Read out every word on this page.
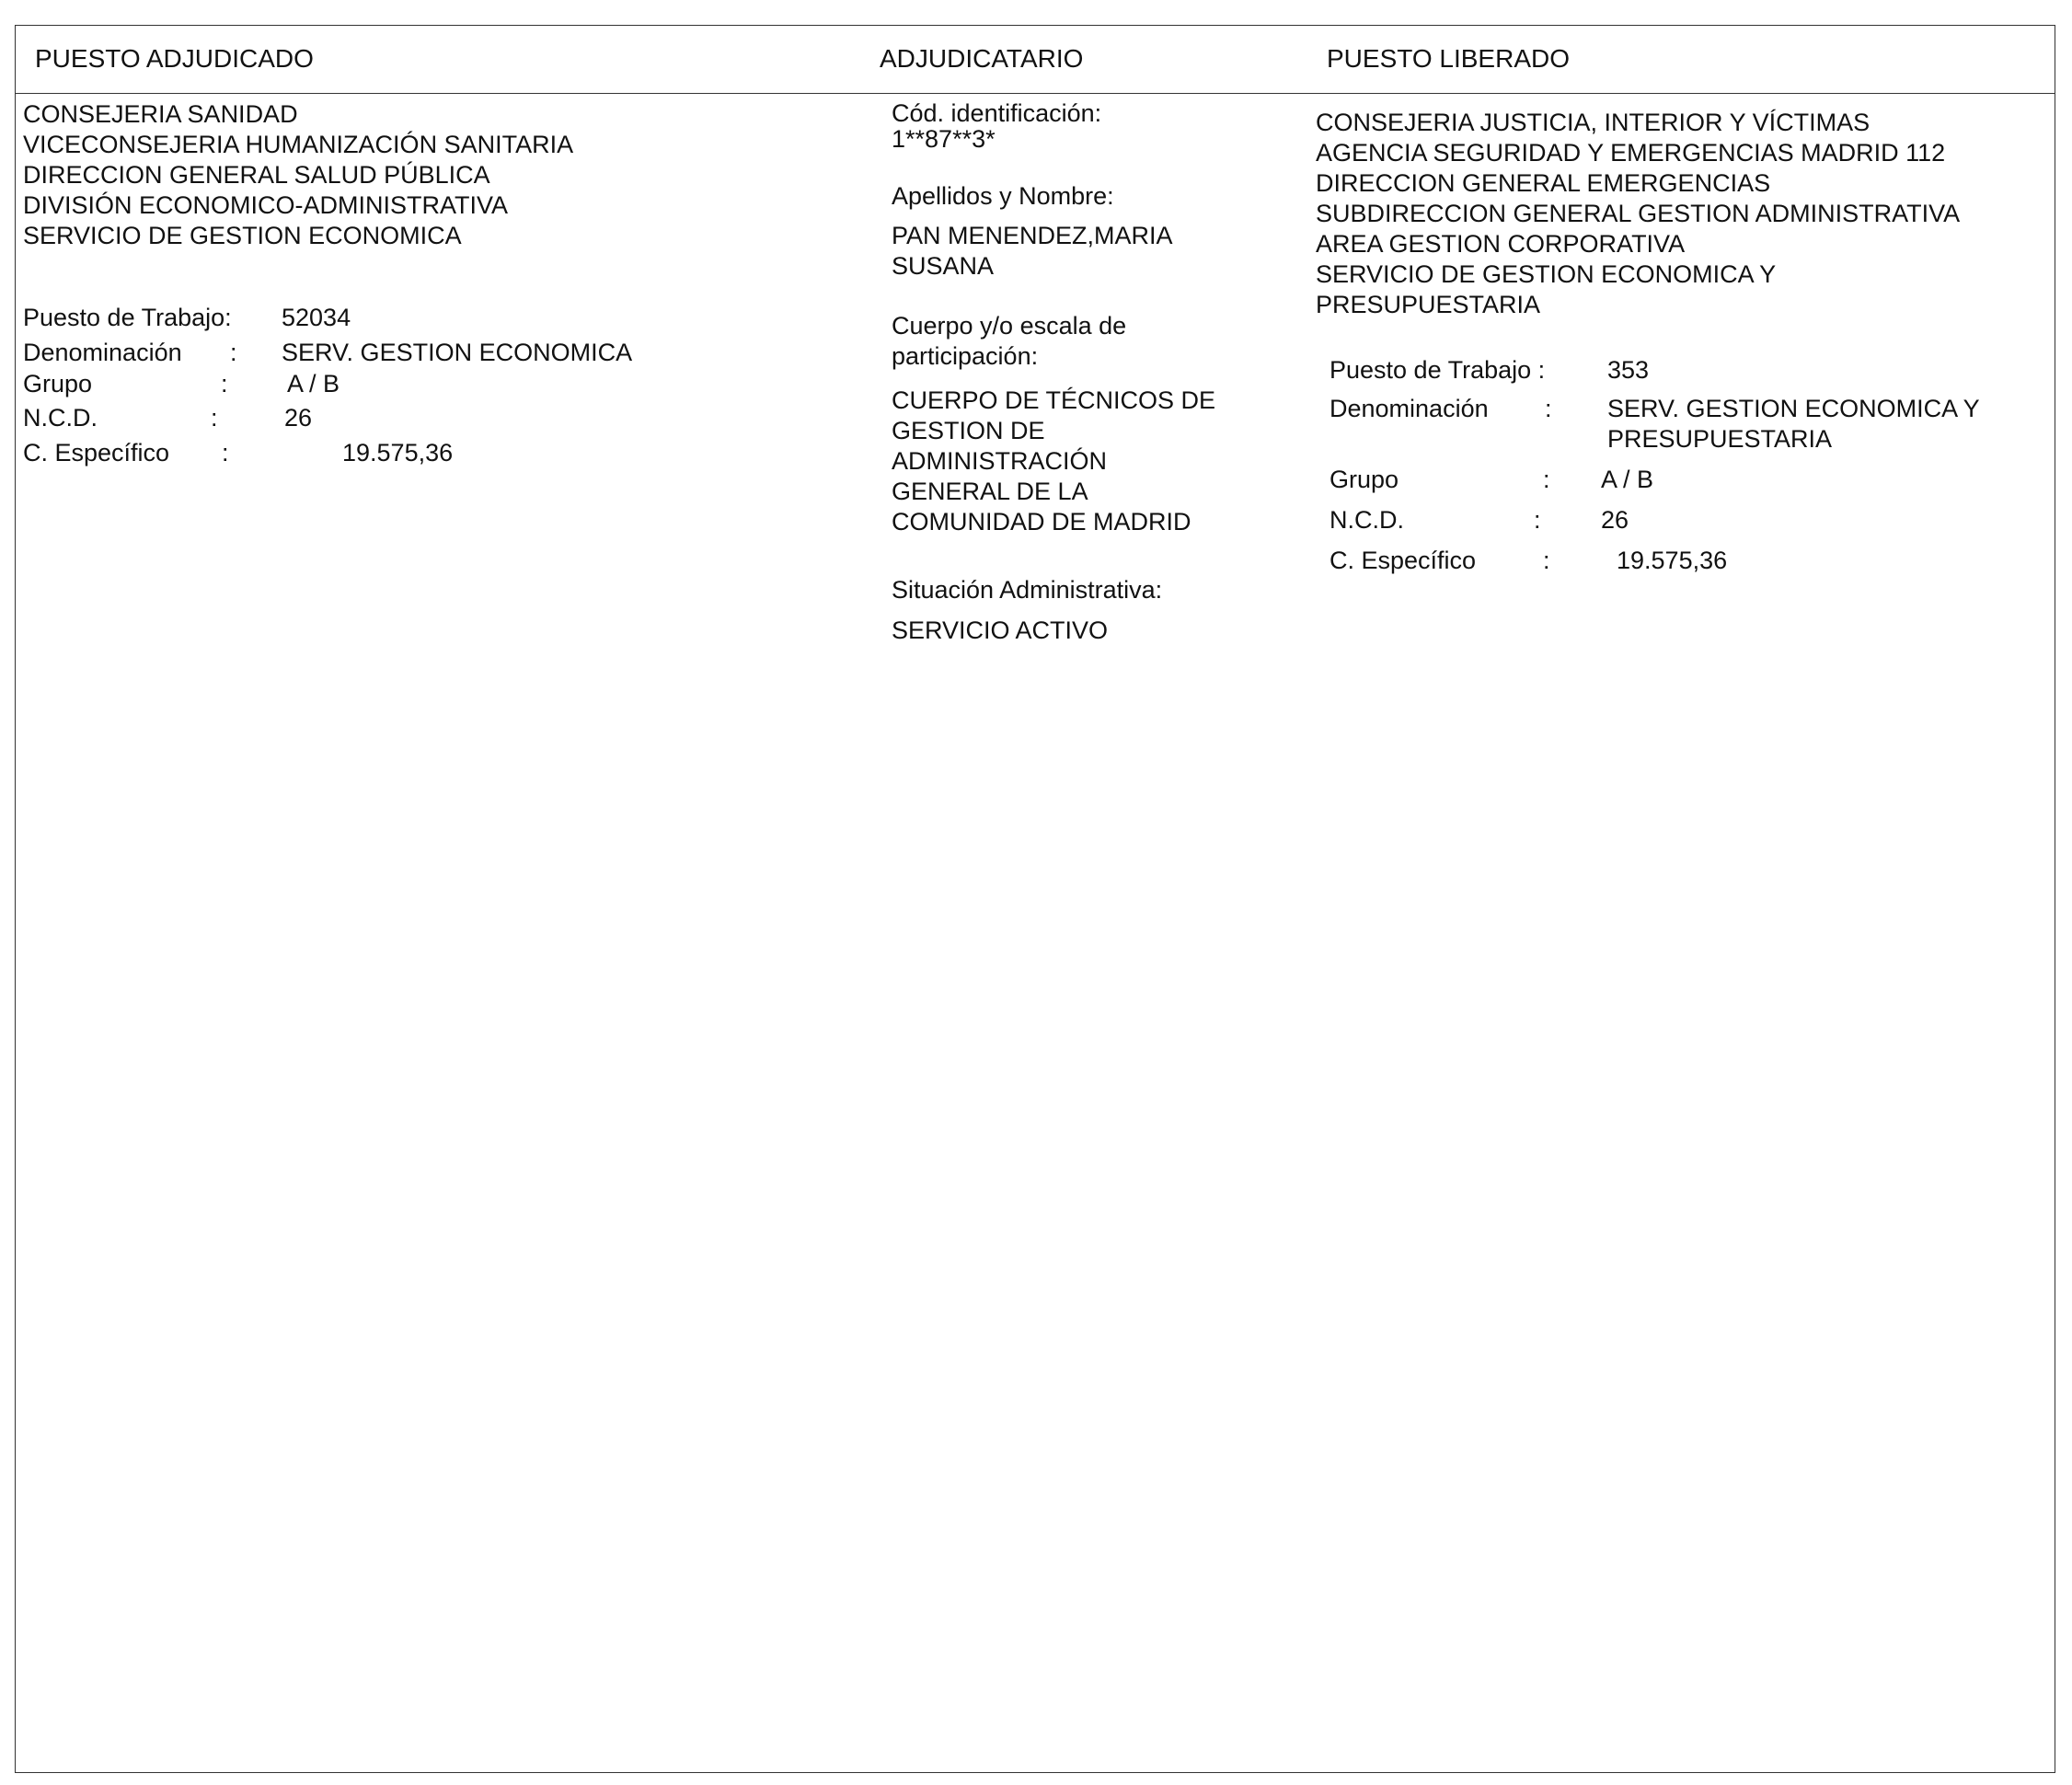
PUESTO ADJUDICADO	ADJUDICATARIO	PUESTO LIBERADO
CONSEJERIA SANIDAD
VICECONSEJERIA HUMANIZACIÓN SANITARIA
DIRECCION GENERAL SALUD PÚBLICA
DIVISIÓN ECONOMICO-ADMINISTRATIVA
SERVICIO DE GESTION ECONOMICA
Puesto de Trabajo: 52034
Denominación : SERV. GESTION ECONOMICA
Grupo	: A / B
N.C.D.	:	26
C. Específico :	19.575,36
Cód. identificación:
1**87**3*
Apellidos y Nombre:
PAN MENENDEZ,MARIA
SUSANA
Cuerpo y/o escala de
participación:
CUERPO DE TÉCNICOS DE
GESTION DE
ADMINISTRACIÓN
GENERAL DE LA
COMUNIDAD DE MADRID
Situación Administrativa:
SERVICIO ACTIVO
CONSEJERIA JUSTICIA, INTERIOR Y VÍCTIMAS
AGENCIA SEGURIDAD Y EMERGENCIAS MADRID 112
DIRECCION GENERAL EMERGENCIAS
SUBDIRECCION GENERAL GESTION ADMINISTRATIVA
AREA GESTION CORPORATIVA
SERVICIO DE GESTION ECONOMICA Y
PRESUPUESTARIA
Puesto de Trabajo :	353
Denominación : SERV. GESTION ECONOMICA Y
PRESUPUESTARIA
Grupo	: A / B
N.C.D.	: 26
C. Específico	:	19.575,36
